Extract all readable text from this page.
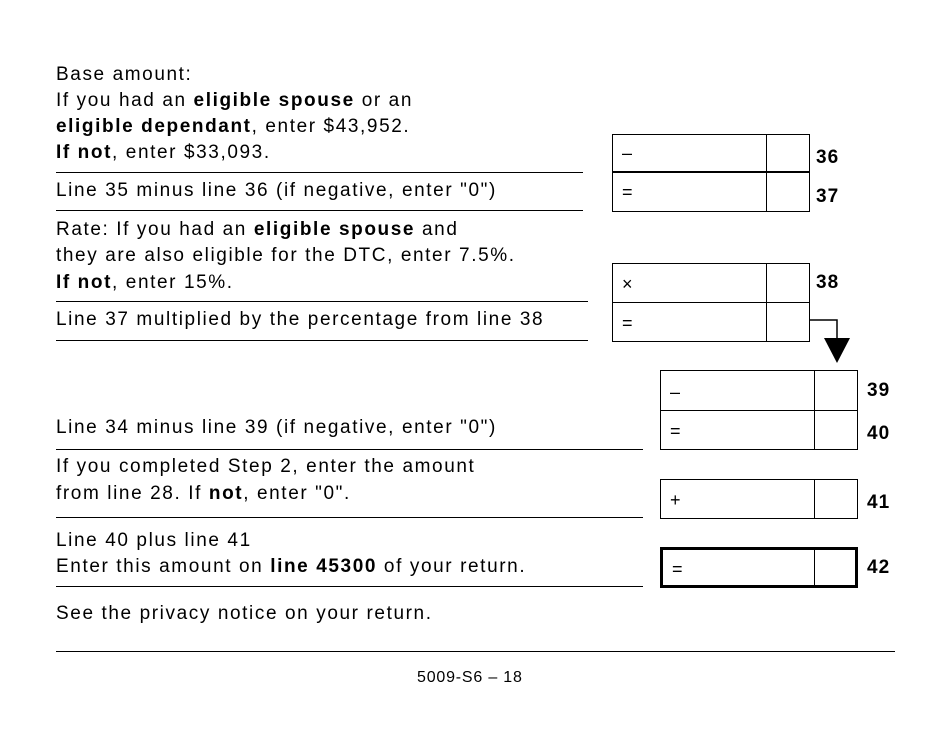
Base amount:
If you had an eligible spouse or an
eligible dependant, enter $43,952.
If not, enter $33,093.	–	36
Line 35 minus line 36 (if negative, enter "0")	=	37
Rate: If you had an eligible spouse and
they are also eligible for the DTC, enter 7.5%.
If not, enter 15%.	×	38
Line 37 multiplied by the percentage from line 38	=
–	39
Line 34 minus line 39 (if negative, enter "0")	=	40
If you completed Step 2, enter the amount
from line 28. If not, enter "0".	+	41
Line 40 plus line 41
Enter this amount on line 45300 of your return.	=	42
See the privacy notice on your return.
5009-S6 – 18
